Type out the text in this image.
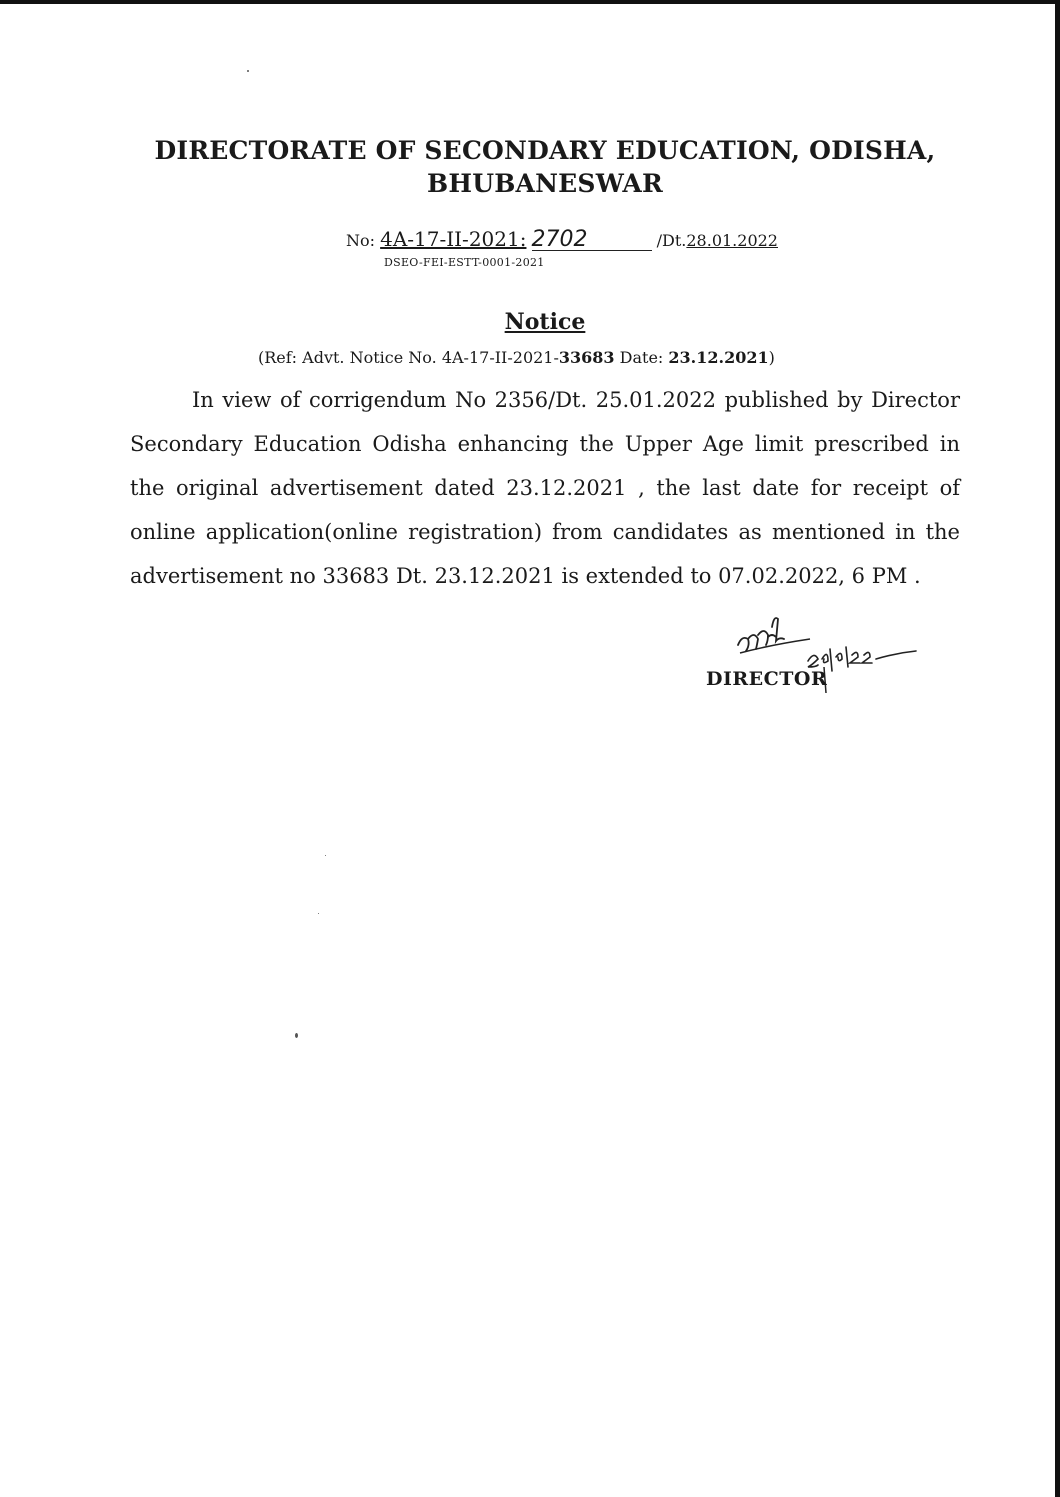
DIRECTORATE OF SECONDARY EDUCATION, ODISHA,
BHUBANESWAR
No: 4A-17-II-2021: 2702	/Dt.28.01.2022
DSEO-FEI-ESTT-0001-2021
Notice
(Ref: Advt. Notice No. 4A-17-II-2021-33683 Date: 23.12.2021)

In view of corrigendum No 2356/Dt. 25.01.2022 published by Director Secondary Education Odisha enhancing the Upper Age limit prescribed in the original advertisement dated 23.12.2021 , the last date for receipt of online application(online registration) from candidates as mentioned in the advertisement no 33683 Dt. 23.12.2021 is extended to 07.02.2022, 6 PM .

DIRECTOR
